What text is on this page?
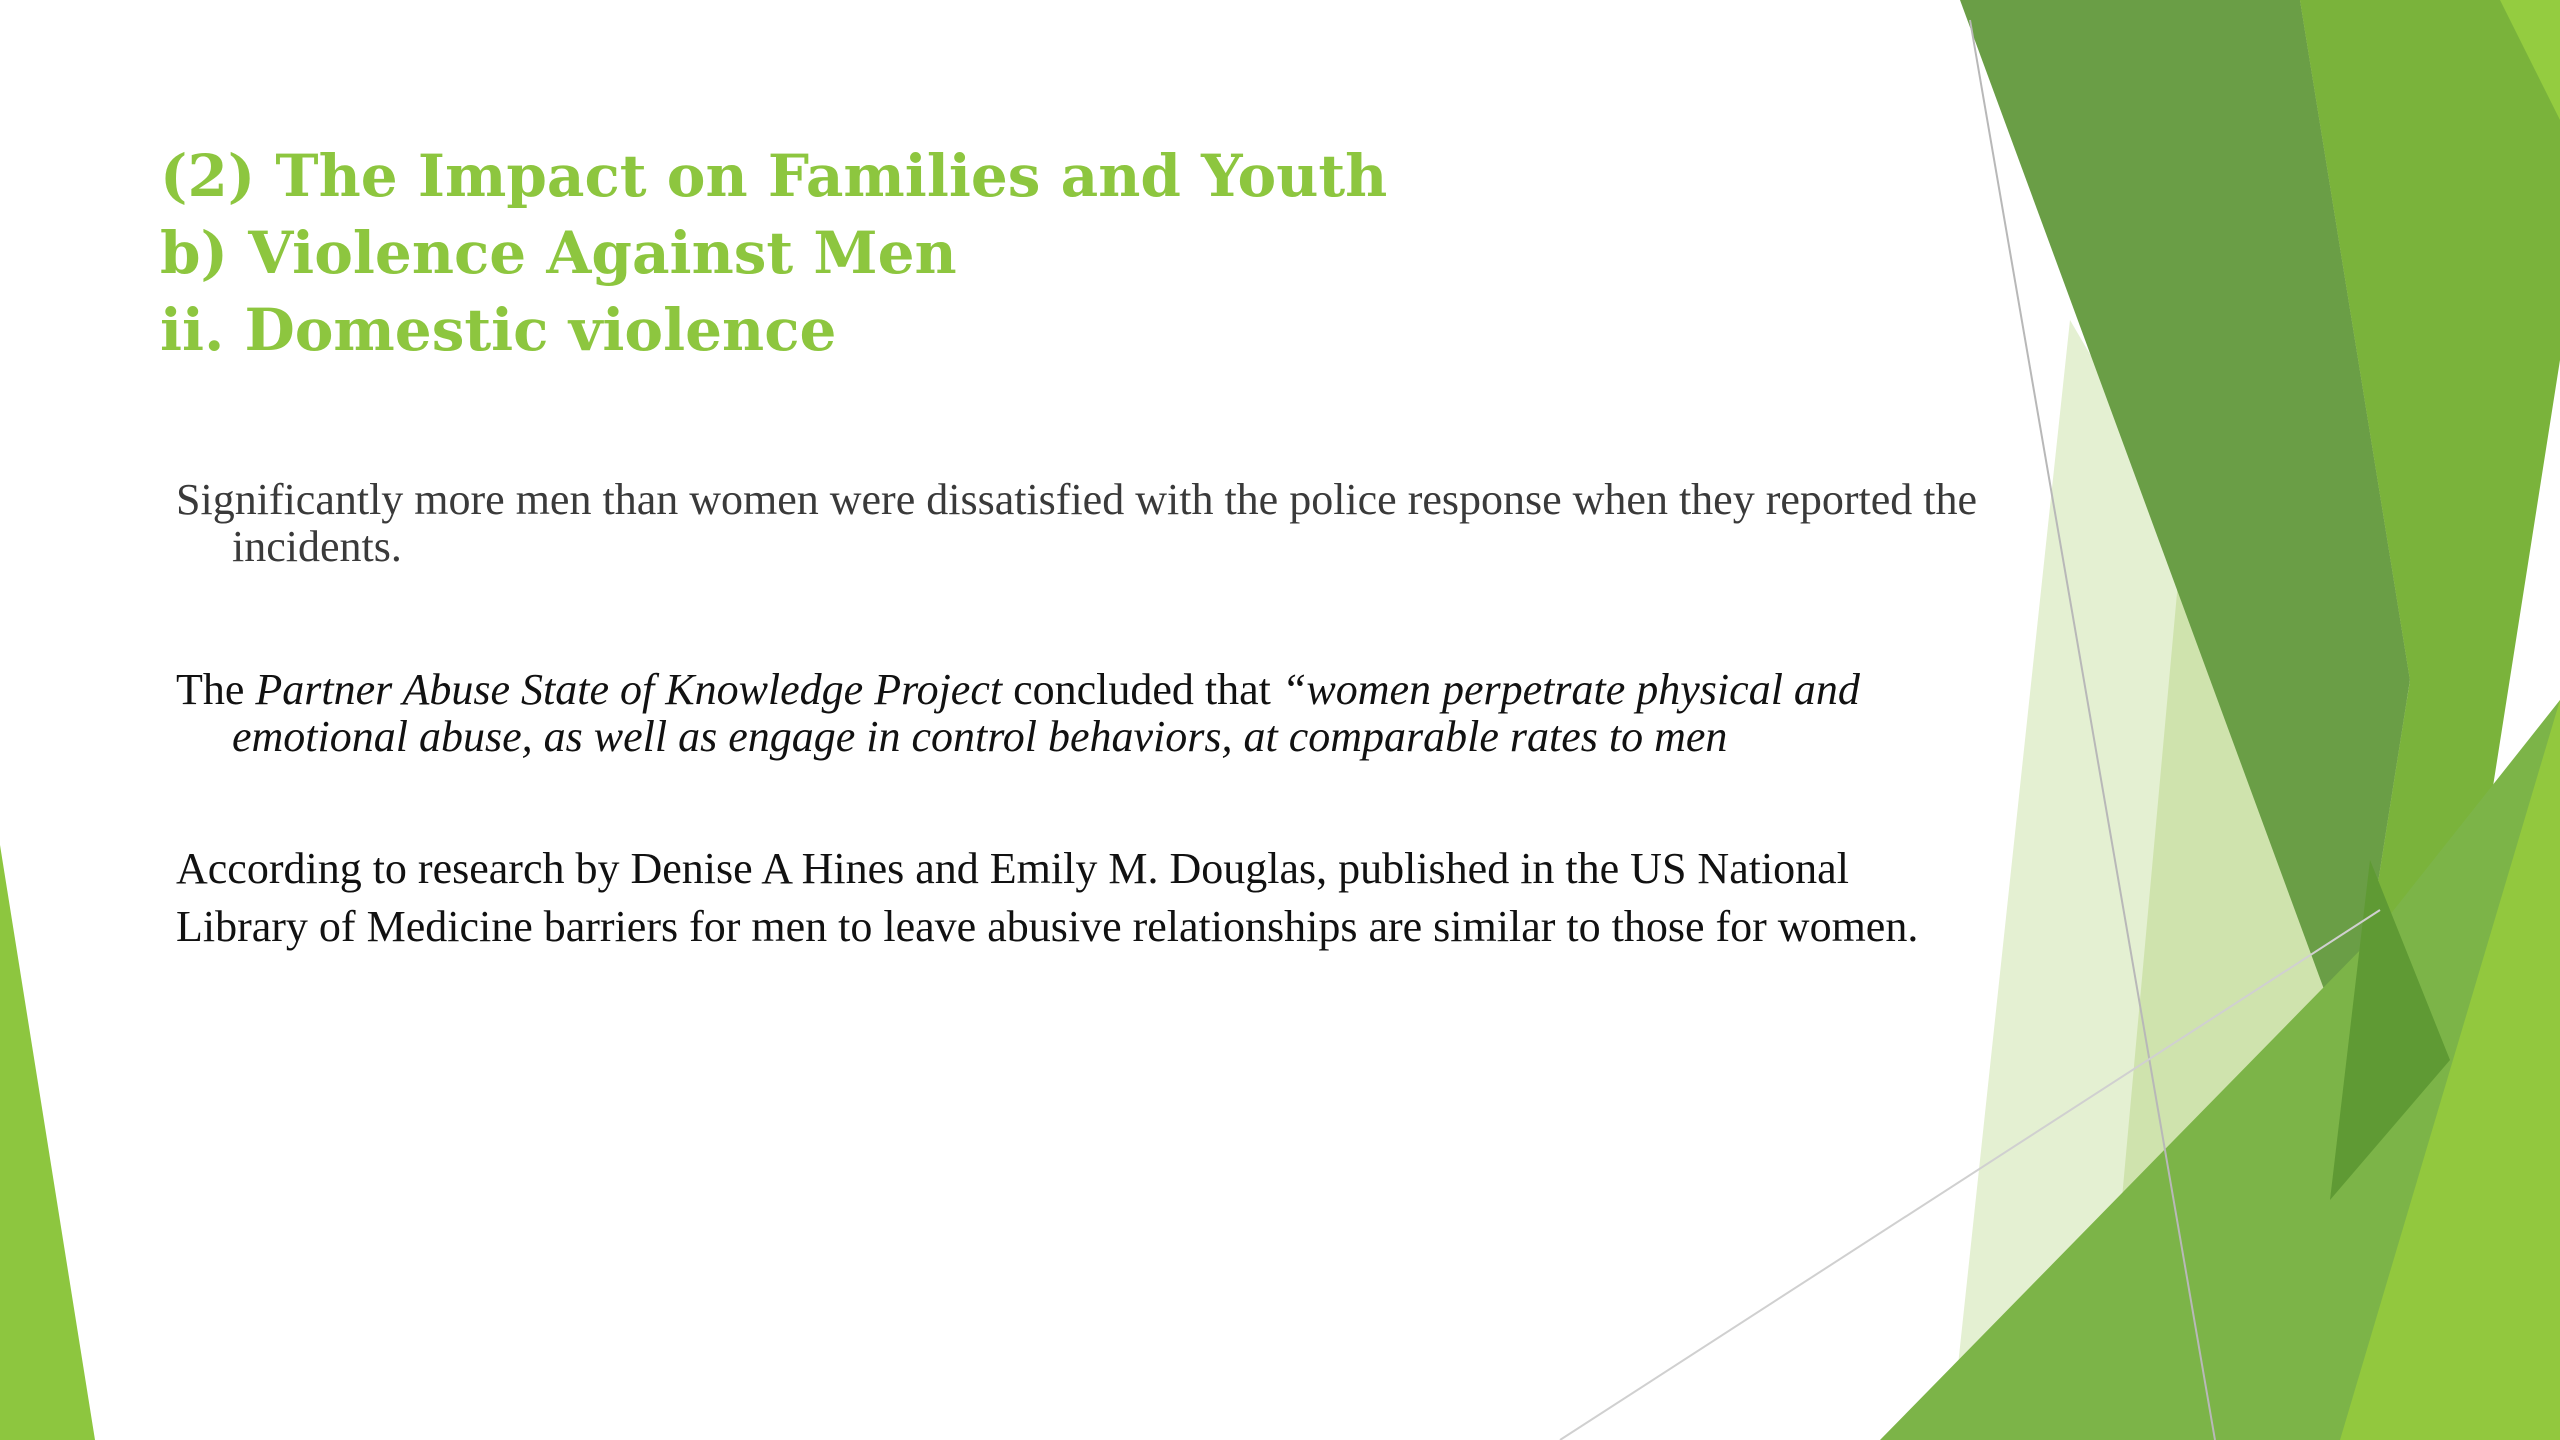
(2) The Impact on Families and Youth
b) Violence Against Men
ii. Domestic violence
Significantly more men than women were dissatisfied with the police response when they reported the incidents.
The Partner Abuse State of Knowledge Project concluded that “women perpetrate physical and emotional abuse, as well as engage in control behaviors, at comparable rates to men
According to research by Denise A Hines and Emily M. Douglas, published in the US National Library of Medicine barriers for men to leave abusive relationships are similar to those for women.
